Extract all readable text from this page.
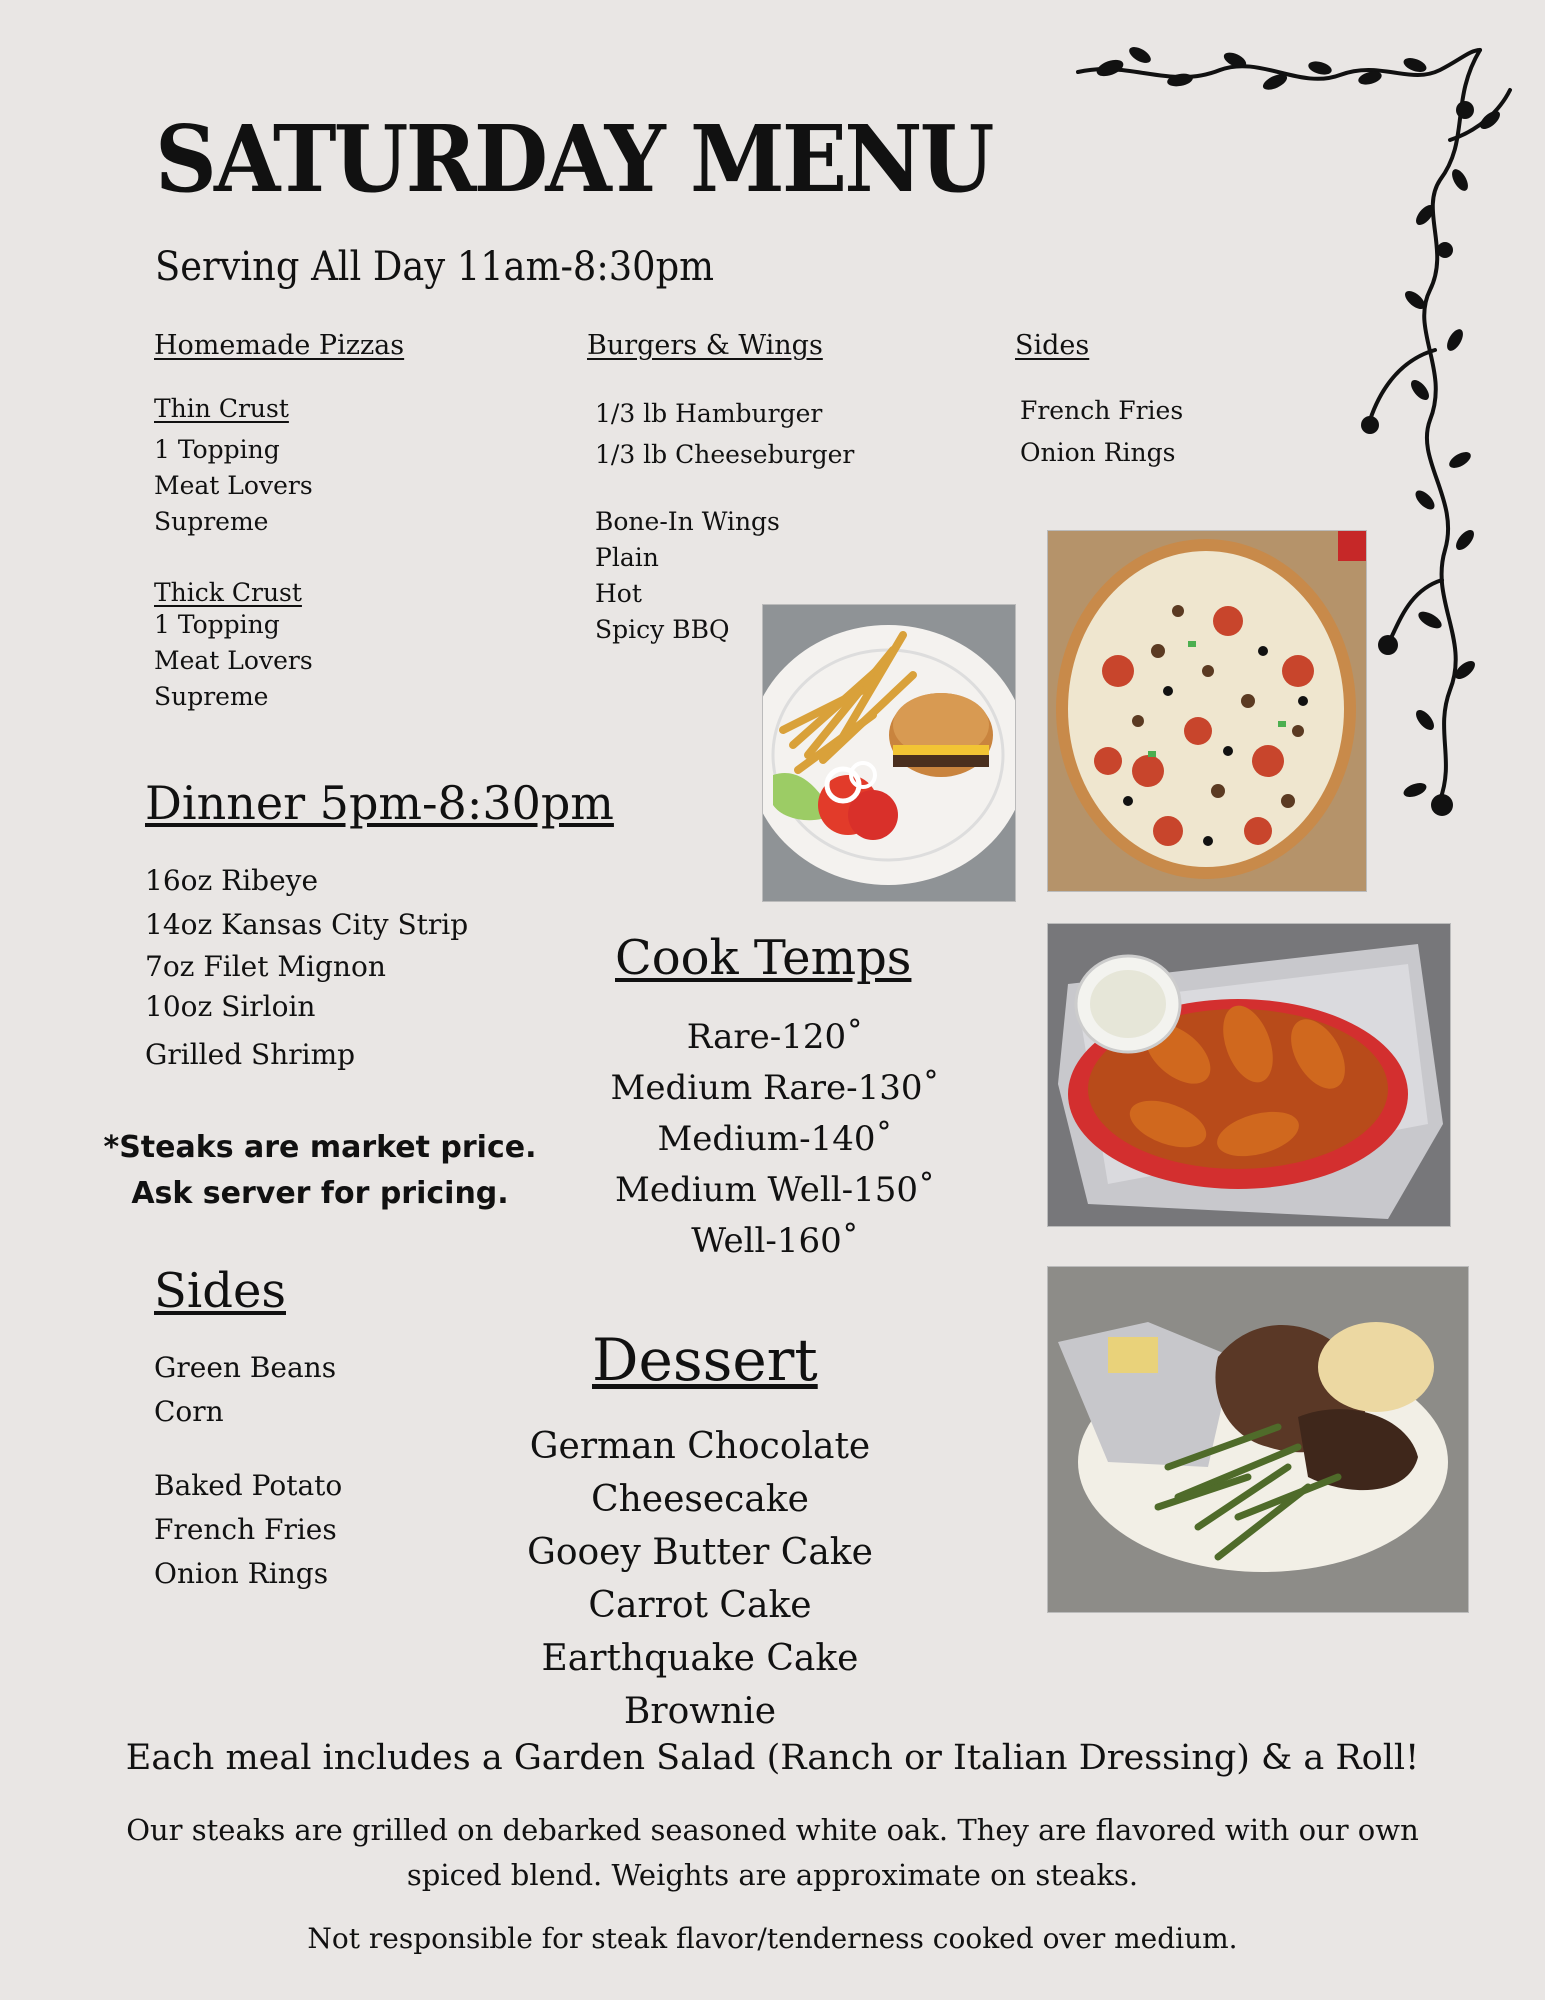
SATURDAY MENU
Serving All Day 11am-8:30pm
Homemade Pizzas
Thin Crust
1 Topping
Meat Lovers
Supreme
Thick Crust
1 Topping
Meat Lovers
Supreme
Burgers & Wings
1/3 lb Hamburger
1/3 lb Cheeseburger
Bone-In Wings
Plain
Hot
Spicy BBQ
Sides
French Fries
Onion Rings
Dinner 5pm-8:30pm
16oz Ribeye
14oz Kansas City Strip
7oz Filet Mignon
10oz Sirloin
Grilled Shrimp
*Steaks are market price. Ask server for pricing.
Cook Temps
Rare-120˚
Medium Rare-130˚
Medium-140˚
Medium Well-150˚
Well-160˚
Sides
Green Beans
Corn
Baked Potato
French Fries
Onion Rings
Dessert
German Chocolate Cheesecake
Gooey Butter Cake
Carrot Cake
Earthquake Cake
Brownie
Each meal includes a Garden Salad (Ranch or Italian Dressing) & a Roll!
Our steaks are grilled on debarked seasoned white oak. They are flavored with our own spiced blend. Weights are approximate on steaks.
Not responsible for steak flavor/tenderness cooked over medium.
